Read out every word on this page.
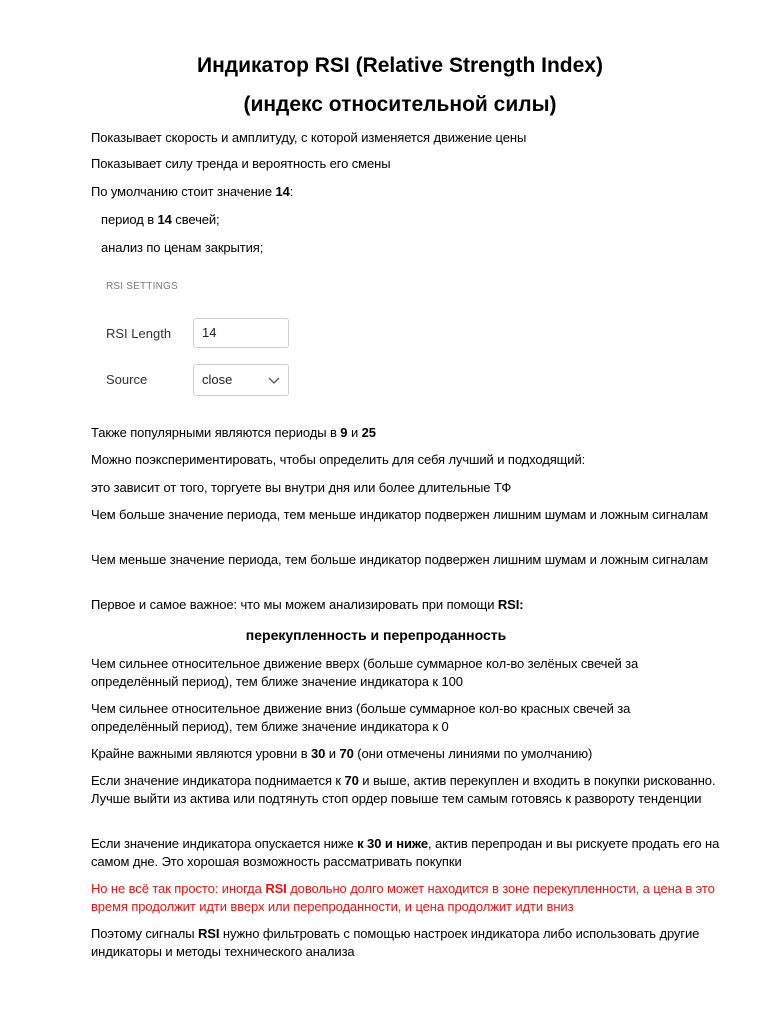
Индикатор RSI (Relative Strength Index)
(индекс относительной силы)
Показывает скорость и амплитуду, с которой изменяется движение цены
Показывает силу тренда и вероятность его смены
По умолчанию стоит значение 14:
период в 14 свечей;
анализ по ценам закрытия;
RSI SETTINGS
RSI Length	14
Source	close
Также популярными являются периоды в 9 и 25
Можно поэкспериментировать, чтобы определить для себя лучший и подходящий:
это зависит от того, торгуете вы внутри дня или более длительные ТФ
Чем больше значение периода, тем меньше индикатор подвержен лишним шумам и ложным сигналам
Чем меньше значение периода, тем больше индикатор подвержен лишним шумам и ложным сигналам
Первое и самое важное: что мы можем анализировать при помощи RSI:
перекупленность и перепроданность
Чем сильнее относительное движение вверх (больше суммарное кол-во зелёных свечей за определённый период), тем ближе значение индикатора к 100
Чем сильнее относительное движение вниз (больше суммарное кол-во красных свечей за определённый период), тем ближе значение индикатора к 0
Крайне важными являются уровни в 30 и 70 (они отмечены линиями по умолчанию)
Если значение индикатора поднимается к 70 и выше, актив перекуплен и входить в покупки рискованно. Лучше выйти из актива или подтянуть стоп ордер повыше тем самым готовясь к развороту тенденции
Если значение индикатора опускается ниже к 30 и ниже, актив перепродан и вы рискуете продать его на самом дне. Это хорошая возможность рассматривать покупки
Но не всё так просто: иногда RSI довольно долго может находится в зоне перекупленности, а цена в это время продолжит идти вверх или перепроданности, и цена продолжит идти вниз
Поэтому сигналы RSI нужно фильтровать с помощью настроек индикатора либо использовать другие индикаторы и методы технического анализа
